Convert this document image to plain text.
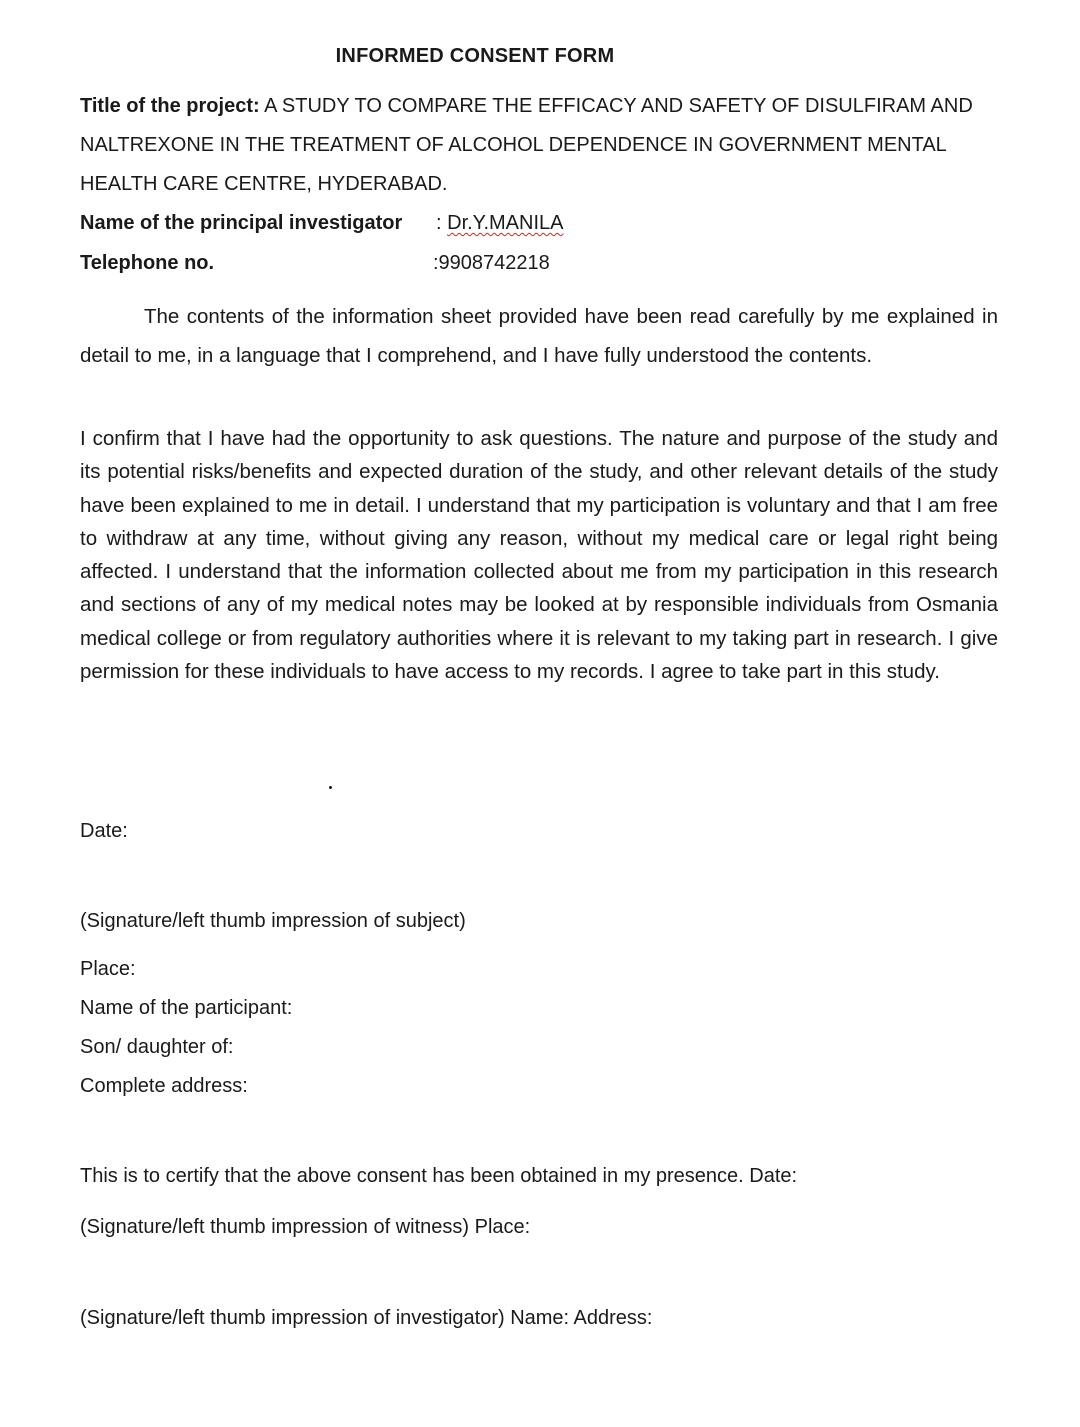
INFORMED CONSENT FORM
Title of the project: A STUDY TO COMPARE THE EFFICACY AND SAFETY OF DISULFIRAM AND
NALTREXONE IN THE TREATMENT OF ALCOHOL DEPENDENCE IN GOVERNMENT MENTAL
HEALTH CARE CENTRE, HYDERABAD.
Name of the principal investigator : Dr.Y.MANILA
Telephone no.	:9908742218
The contents of the information sheet provided have been read carefully by me explained in detail to me, in a language that I comprehend, and I have fully understood the contents.
I confirm that I have had the opportunity to ask questions. The nature and purpose of the study and its potential risks/benefits and expected duration of the study, and other relevant details of the study have been explained to me in detail. I understand that my participation is voluntary and that I am free to withdraw at any time, without giving any reason, without my medical care or legal right being affected. I understand that the information collected about me from my participation in this research and sections of any of my medical notes may be looked at by responsible individuals from Osmania medical college or from regulatory authorities where it is relevant to my taking part in research. I give permission for these individuals to have access to my records. I agree to take part in this study.
Date:
(Signature/left thumb impression of subject)
Place:
Name of the participant:
Son/ daughter of:
Complete address:
This is to certify that the above consent has been obtained in my presence. Date:
(Signature/left thumb impression of witness) Place:
(Signature/left thumb impression of investigator) Name: Address:
